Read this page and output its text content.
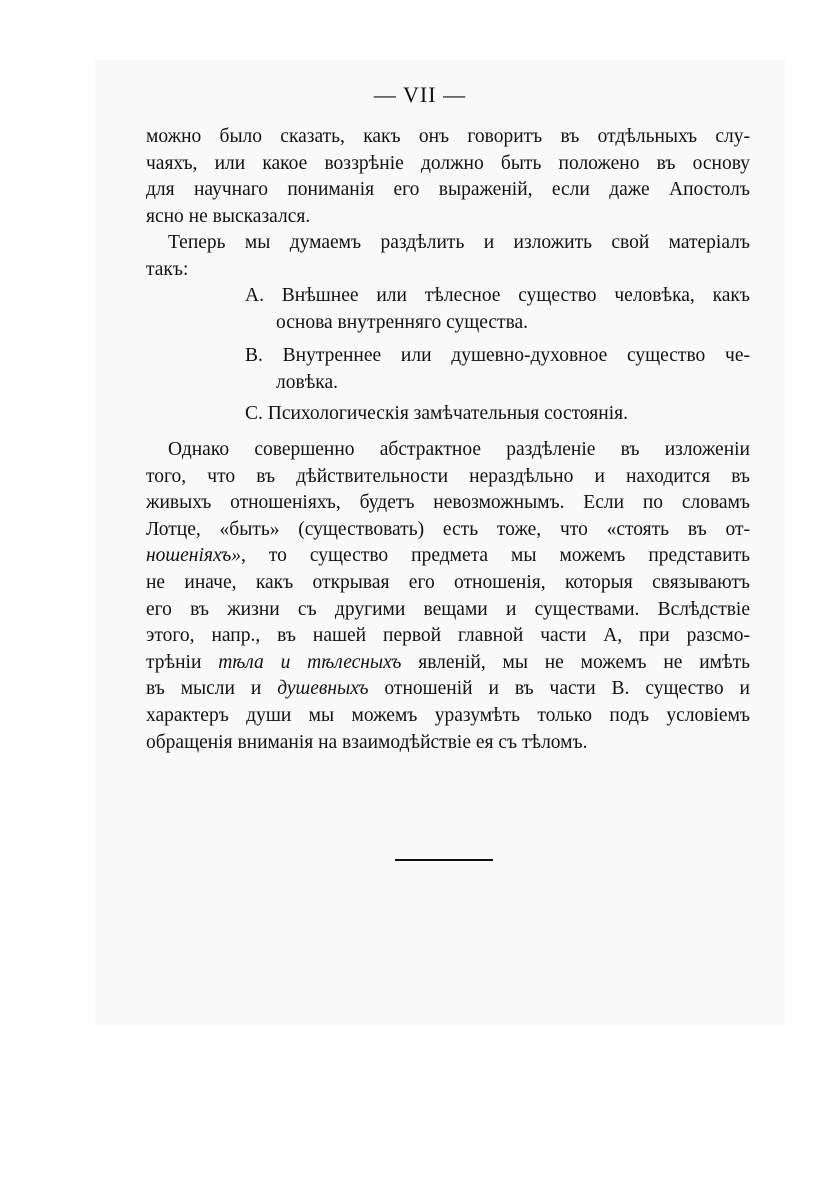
— VII —
можно было сказать, какъ онъ говоритъ въ отдѣльныхъ слу-
чаяхъ, или какое воззрѣніе должно быть положено въ основу
для научнаго пониманія его выраженій, если даже Апостолъ
ясно не высказался.
Теперь мы думаемъ раздѣлить и изложить свой матеріалъ
такъ:
A. Внѣшнее или тѣлесное существо человѣка, какъ
основа внутренняго существа.
B. Внутреннее или душевно-духовное существо че-
ловѣка.
C. Психологическія замѣчательныя состоянія.
Однако совершенно абстрактное раздѣленіе въ изложеніи
того, что въ дѣйствительности нераздѣльно и находится въ
живыхъ отношеніяхъ, будетъ невозможнымъ. Если по словамъ
Лотце, «быть» (существовать) есть тоже, что «стоять въ от-
ношеніяхъ», то существо предмета мы можемъ представить
не иначе, какъ открывая его отношенія, которыя связываютъ
его въ жизни съ другими вещами и существами. Вслѣдствіе
этого, напр., въ нашей первой главной части А, при разсмо-
трѣніи тѣла и тѣлесныхъ явленій, мы не можемъ не имѣть
въ мысли и душевныхъ отношеній и въ части В. существо и
характеръ души мы можемъ уразумѣть только подъ условіемъ
обращенія вниманія на взаимодѣйствіе ея съ тѣломъ.
